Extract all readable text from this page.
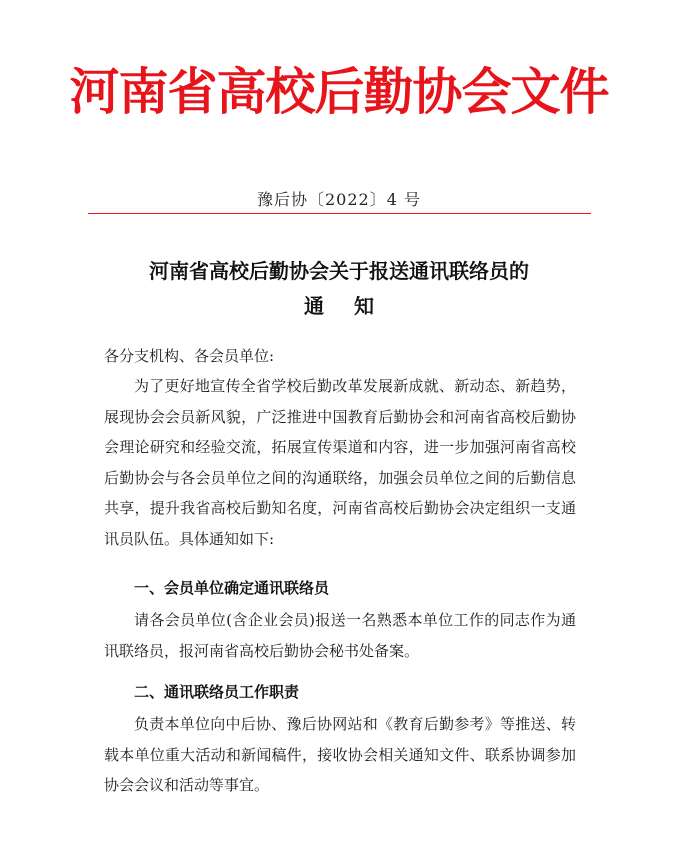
河南省高校后勤协会文件
豫后协〔2022〕4 号
河南省高校后勤协会关于报送通讯联络员的
通 知
各分支机构、各会员单位:
为了更好地宣传全省学校后勤改革发展新成就、新动态、新趋势，展现协会会员新风貌，广泛推进中国教育后勤协会和河南省高校后勤协会理论研究和经验交流，拓展宣传渠道和内容，进一步加强河南省高校后勤协会与各会员单位之间的沟通联络，加强会员单位之间的后勤信息共享，提升我省高校后勤知名度，河南省高校后勤协会决定组织一支通讯员队伍。具体通知如下:
一、会员单位确定通讯联络员
请各会员单位(含企业会员)报送一名熟悉本单位工作的同志作为通讯联络员，报河南省高校后勤协会秘书处备案。
二、通讯联络员工作职责
负责本单位向中后协、豫后协网站和《教育后勤参考》等推送、转载本单位重大活动和新闻稿件，接收协会相关通知文件、联系协调参加协会会议和活动等事宜。
